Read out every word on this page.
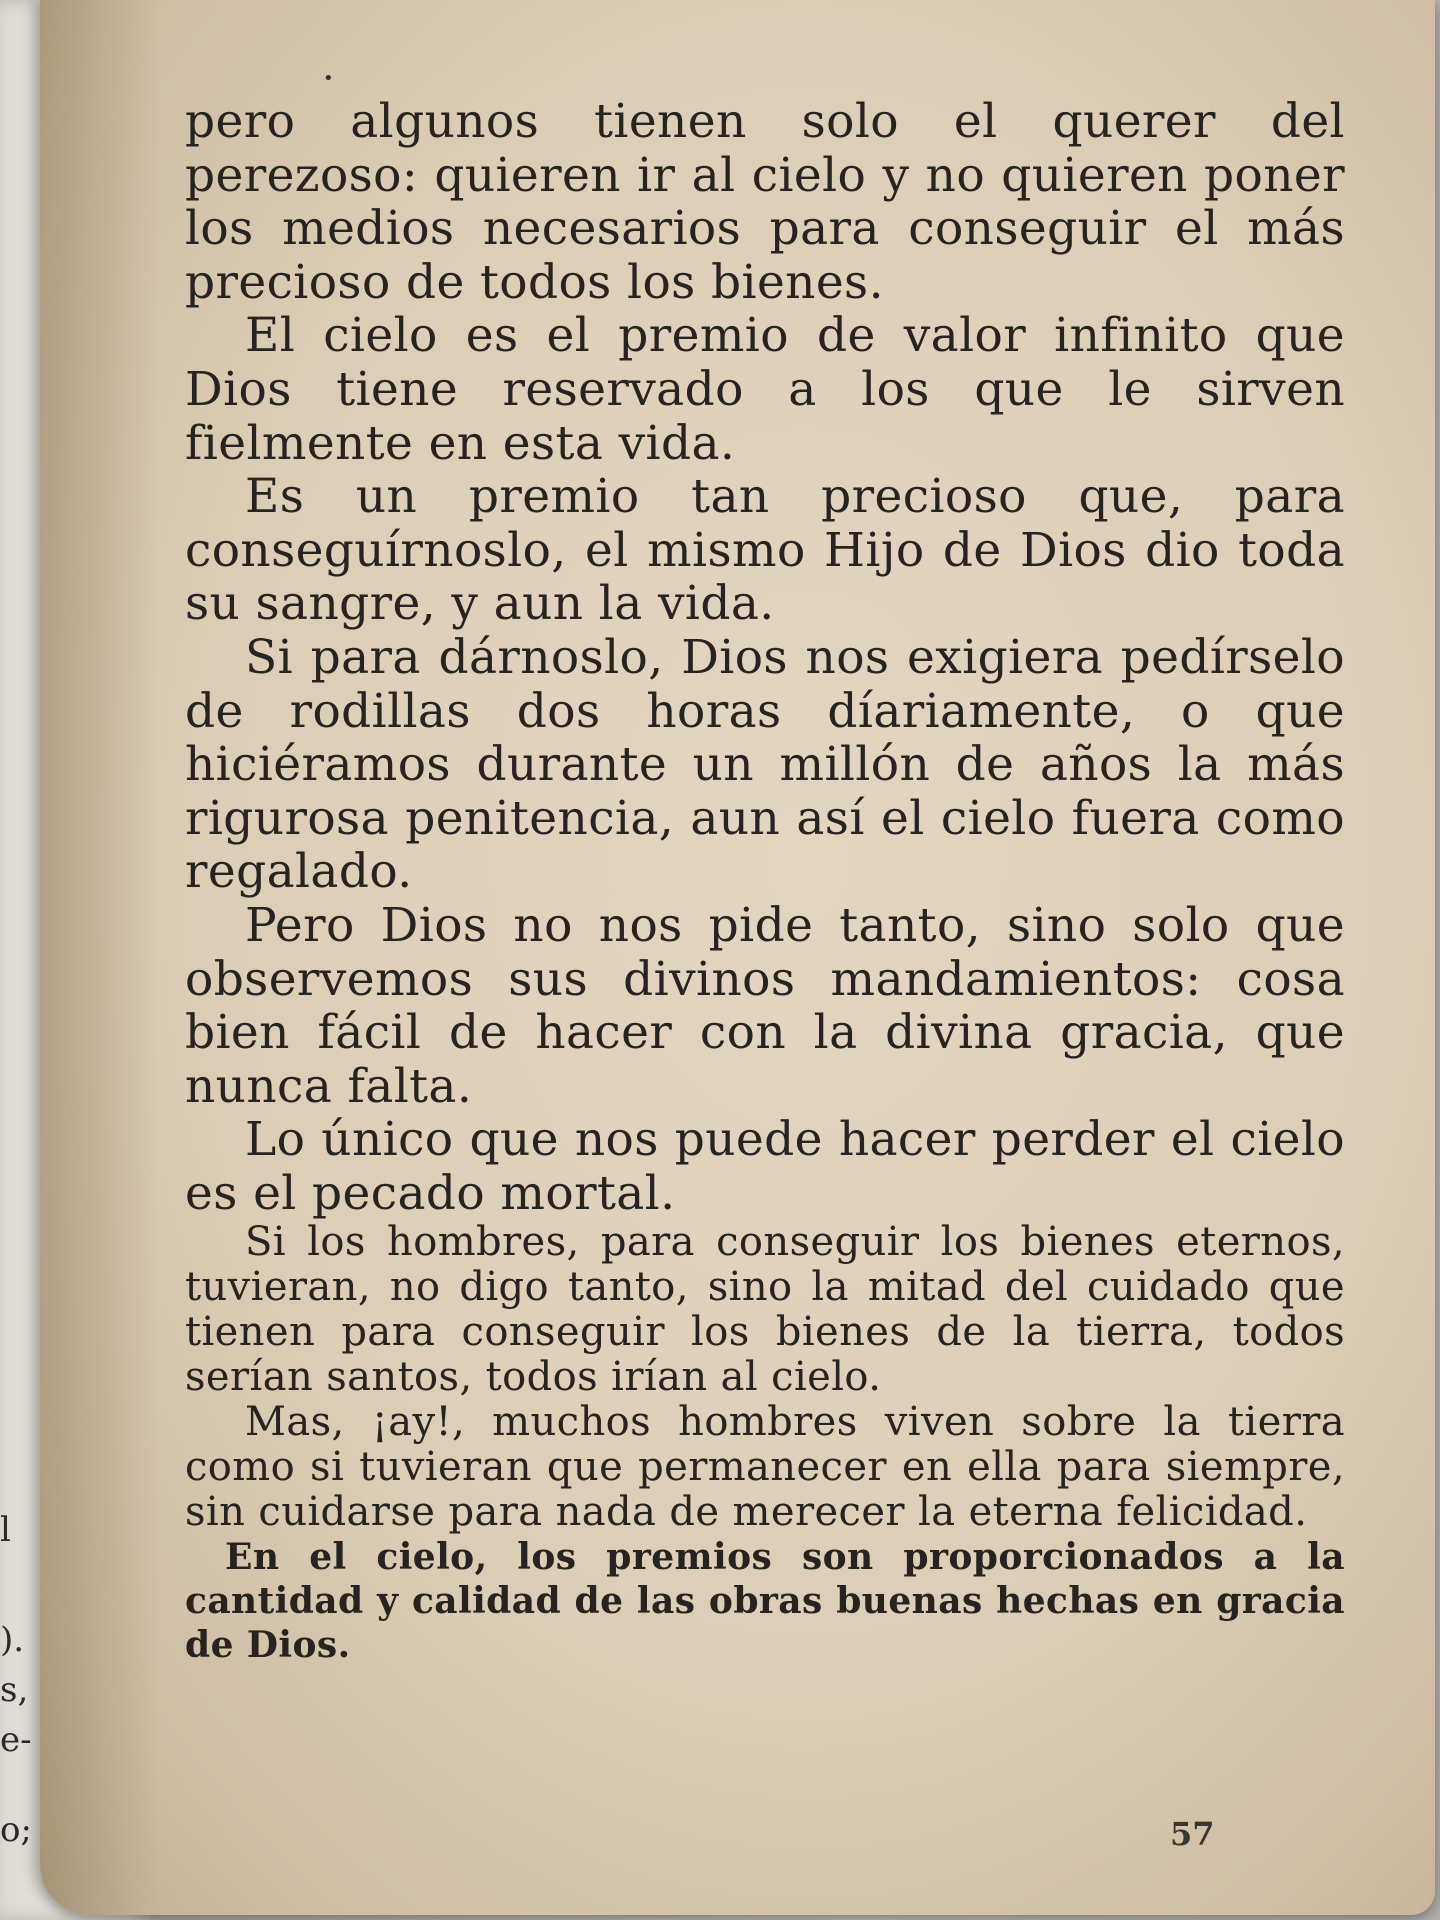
l
).
s,
e-
o;
•

pero algunos tienen solo el querer del perezoso: quieren ir al cielo y no quieren poner los medios necesarios para conseguir el más precioso de todos los bienes.

El cielo es el premio de valor infinito que Dios tiene reservado a los que le sirven fielmente en esta vida.

Es un premio tan precioso que, para conseguírnoslo, el mismo Hijo de Dios dio toda su sangre, y aun la vida.

Si para dárnoslo, Dios nos exigiera pedírselo de rodillas dos horas díariamente, o que hiciéramos durante un millón de años la más rigurosa penitencia, aun así el cielo fuera como regalado.

Pero Dios no nos pide tanto, sino solo que observemos sus divinos mandamientos: cosa bien fácil de hacer con la divina gracia, que nunca falta.

Lo único que nos puede hacer perder el cielo es el pecado mortal.

Si los hombres, para conseguir los bienes eternos, tuvieran, no digo tanto, sino la mitad del cuidado que tienen para conseguir los bienes de la tierra, todos serían santos, todos irían al cielo.

Mas, ¡ay!, muchos hombres viven sobre la tierra como si tuvieran que permanecer en ella para siempre, sin cuidarse para nada de merecer la eterna felicidad.

En el cielo, los premios son proporcionados a la cantidad y calidad de las obras buenas hechas en gracia de Dios.

57
